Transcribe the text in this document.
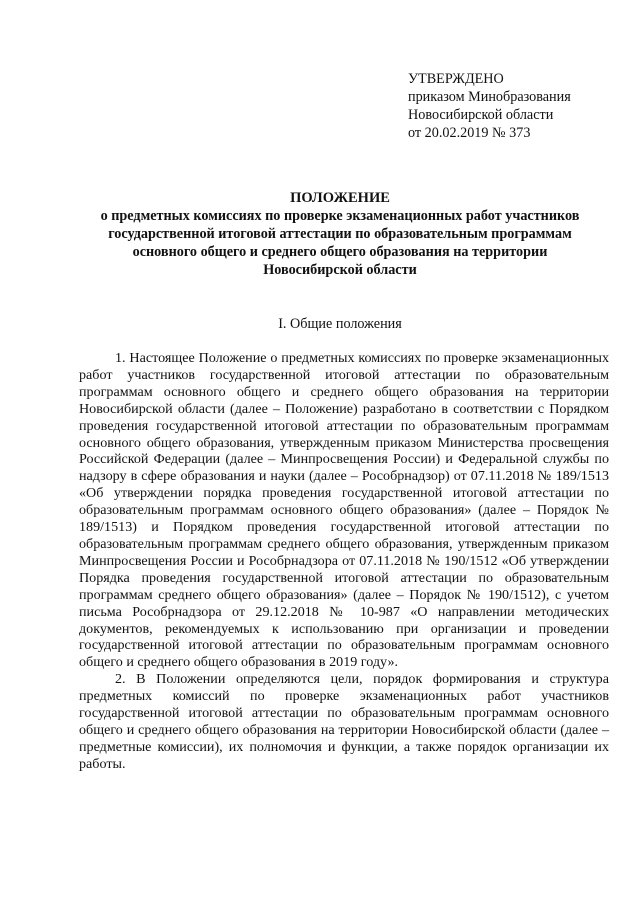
УТВЕРЖДЕНО
приказом Минобразования
Новосибирской области
от 20.02.2019 № 373
ПОЛОЖЕНИЕ
о предметных комиссиях по проверке экзаменационных работ участников
государственной итоговой аттестации по образовательным программам
основного общего и среднего общего образования на территории
Новосибирской области
I. Общие положения

1. Настоящее Положение о предметных комиссиях по проверке экзаменационных работ участников государственной итоговой аттестации по образовательным программам основного общего и среднего общего образования на территории Новосибирской области (далее – Положение) разработано в соответствии с Порядком проведения государственной итоговой аттестации по образовательным программам основного общего образования, утвержденным приказом Министерства просвещения Российской Федерации (далее – Минпросвещения России) и Федеральной службы по надзору в сфере образования и науки (далее – Рособрнадзор) от 07.11.2018 № 189/1513 «Об утверждении порядка проведения государственной итоговой аттестации по образовательным программам основного общего образования» (далее – Порядок № 189/1513) и Порядком проведения государственной итоговой аттестации по образовательным программам среднего общего образования, утвержденным приказом Минпросвещения России и Рособрнадзора от 07.11.2018 № 190/1512 «Об утверждении Порядка проведения государственной итоговой аттестации по образовательным программам среднего общего образования» (далее – Порядок № 190/1512), с учетом письма Рособрнадзора от 29.12.2018 № 10-987 «О направлении методических документов, рекомендуемых к использованию при организации и проведении государственной итоговой аттестации по образовательным программам основного общего и среднего общего образования в 2019 году».

2. В Положении определяются цели, порядок формирования и структура предметных комиссий по проверке экзаменационных работ участников государственной итоговой аттестации по образовательным программам основного общего и среднего общего образования на территории Новосибирской области (далее – предметные комиссии), их полномочия и функции, а также порядок организации их работы.
